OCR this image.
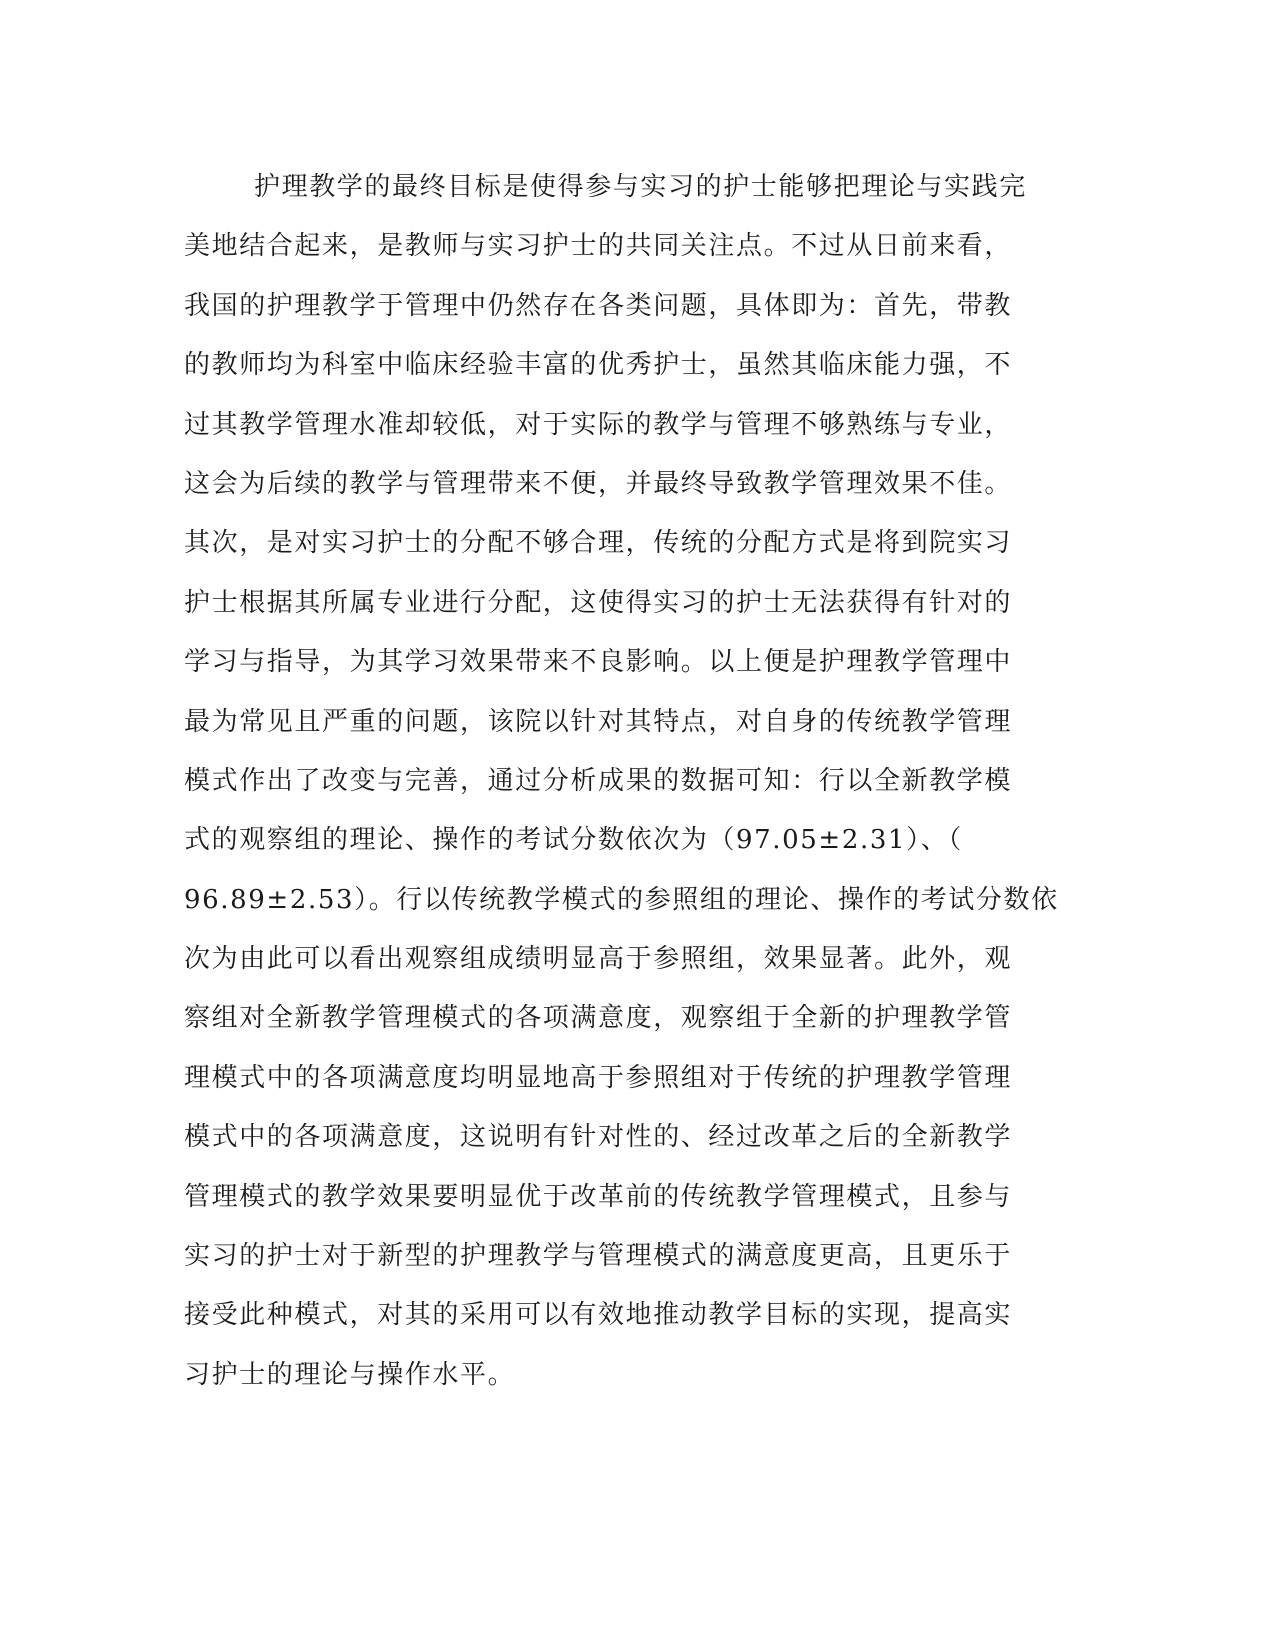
护理教学的最终目标是使得参与实习的护士能够把理论与实践完
美地结合起来，是教师与实习护士的共同关注点。不过从日前来看，
我国的护理教学于管理中仍然存在各类问题，具体即为：首先，带教
的教师均为科室中临床经验丰富的优秀护士，虽然其临床能力强，不
过其教学管理水准却较低，对于实际的教学与管理不够熟练与专业，
这会为后续的教学与管理带来不便，并最终导致教学管理效果不佳。
其次，是对实习护士的分配不够合理，传统的分配方式是将到院实习
护士根据其所属专业进行分配，这使得实习的护士无法获得有针对的
学习与指导，为其学习效果带来不良影响。以上便是护理教学管理中
最为常见且严重的问题，该院以针对其特点，对自身的传统教学管理
模式作出了改变与完善，通过分析成果的数据可知：行以全新教学模
式的观察组的理论、操作的考试分数依次为（97.05±2.31）、（
96.89±2.53）。行以传统教学模式的参照组的理论、操作的考试分数依
次为由此可以看出观察组成绩明显高于参照组，效果显著。此外，观
察组对全新教学管理模式的各项满意度，观察组于全新的护理教学管
理模式中的各项满意度均明显地高于参照组对于传统的护理教学管理
模式中的各项满意度，这说明有针对性的、经过改革之后的全新教学
管理模式的教学效果要明显优于改革前的传统教学管理模式，且参与
实习的护士对于新型的护理教学与管理模式的满意度更高，且更乐于
接受此种模式，对其的采用可以有效地推动教学目标的实现，提高实
习护士的理论与操作水平。
